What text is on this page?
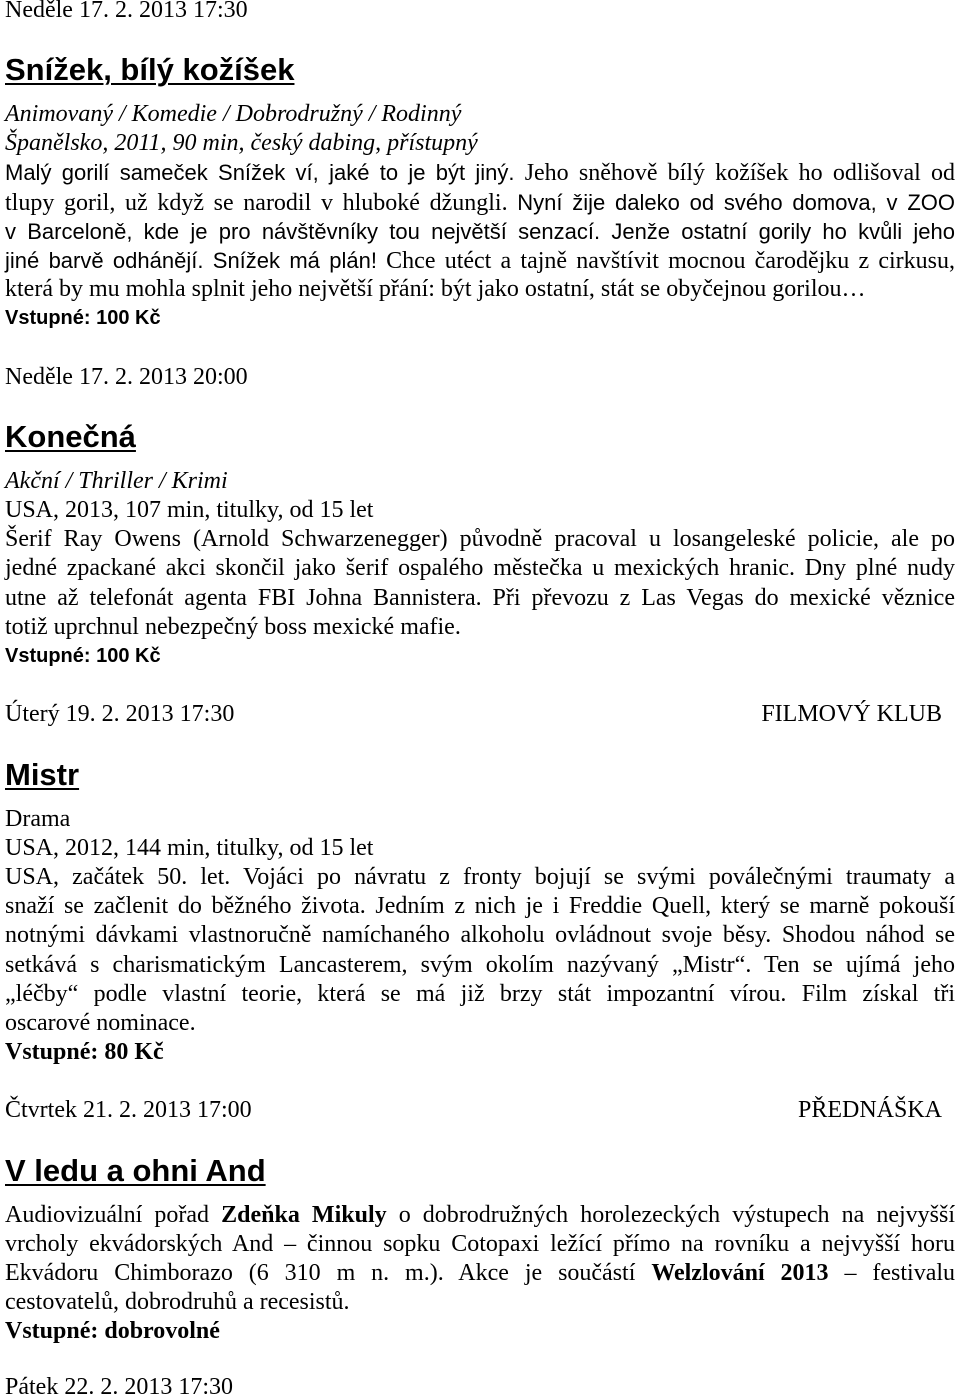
Neděle 17. 2. 2013 17:30
Snížek, bílý kožíšek
Animovaný / Komedie / Dobrodružný / Rodinný
Španělsko, 2011, 90 min, český dabing, přístupný
Malý gorilí sameček Snížek ví, jaké to je být jiný. Jeho sněhově bílý kožíšek ho odlišoval od
tlupy goril, už když se narodil v hluboké džungli. Nyní žije daleko od svého domova, v ZOO
v Barceloně, kde je pro návštěvníky tou největší senzací. Jenže ostatní gorily ho kvůli jeho
jiné barvě odhánějí. Snížek má plán! Chce utéct a tajně navštívit mocnou čarodějku z cirkusu,
která by mu mohla splnit jeho největší přání: být jako ostatní, stát se obyčejnou gorilou…
Vstupné: 100 Kč
Neděle 17. 2. 2013 20:00
Konečná
Akční / Thriller / Krimi
USA, 2013, 107 min, titulky, od 15 let
Šerif Ray Owens (Arnold Schwarzenegger) původně pracoval u losangeleské policie, ale po
jedné zpackané akci skončil jako šerif ospalého městečka u mexických hranic. Dny plné nudy
utne až telefonát agenta FBI Johna Bannistera. Při převozu z Las Vegas do mexické věznice
totiž uprchnul nebezpečný boss mexické mafie.
Vstupné: 100 Kč
Úterý 19. 2. 2013 17:30	FILMOVÝ KLUB
Mistr
Drama
USA, 2012, 144 min, titulky, od 15 let
USA, začátek 50. let. Vojáci po návratu z fronty bojují se svými poválečnými traumaty a
snaží se začlenit do běžného života. Jedním z nich je i Freddie Quell, který se marně pokouší
notnými dávkami vlastnoručně namíchaného alkoholu ovládnout svoje běsy. Shodou náhod se
setkává s charismatickým Lancasterem, svým okolím nazývaný „Mistr“. Ten se ujímá jeho
„léčby“ podle vlastní teorie, která se má již brzy stát impozantní vírou. Film získal tři
oscarové nominace.
Vstupné: 80 Kč
Čtvrtek 21. 2. 2013 17:00	PŘEDNÁŠKA
V ledu a ohni And
Audiovizuální pořad Zdeňka Mikuly o dobrodružných horolezeckých výstupech na nejvyšší
vrcholy ekvádorských And – činnou sopku Cotopaxi ležící přímo na rovníku a nejvyšší horu
Ekvádoru Chimborazo (6 310 m n. m.). Akce je součástí Welzlování 2013 – festivalu
cestovatelů, dobrodruhů a recesistů.
Vstupné: dobrovolné
Pátek 22. 2. 2013 17:30
